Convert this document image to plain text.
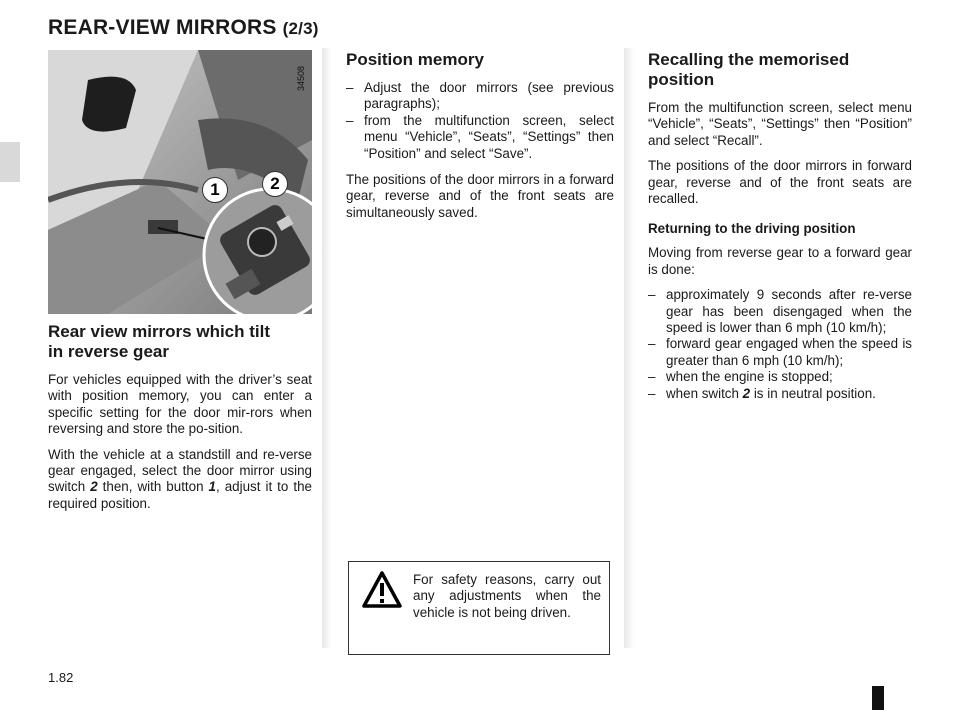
REAR-VIEW MIRRORS (2/3)
34508
1	2
Rear view mirrors which tilt
in reverse gear

For vehicles equipped with the driver’s seat with position memory, you can enter a specific setting for the door mir-rors when reversing and store the po-sition.

With the vehicle at a standstill and re-verse gear engaged, select the door mirror using switch 2 then, with button 1, adjust it to the required position.

Position memory
– Adjust the door mirrors (see previous paragraphs);
– from the multifunction screen, select menu “Vehicle”, “Seats”, “Settings” then “Position” and select “Save”.

The positions of the door mirrors in a forward gear, reverse and of the front seats are simultaneously saved.

For safety reasons, carry out any adjustments when the vehicle is not being driven.
Recalling the memorised
position

From the multifunction screen, select menu “Vehicle”, “Seats”, “Settings” then “Position” and select “Recall”.

The positions of the door mirrors in forward gear, reverse and of the front seats are recalled.

Returning to the driving position

Moving from reverse gear to a forward gear is done:

– approximately 9 seconds after re-verse gear has been disengaged when the speed is lower than 6 mph (10 km/h);
– forward gear engaged when the speed is greater than 6 mph (10 km/h);
– when the engine is stopped;
– when switch 2 is in neutral position.
1.82
